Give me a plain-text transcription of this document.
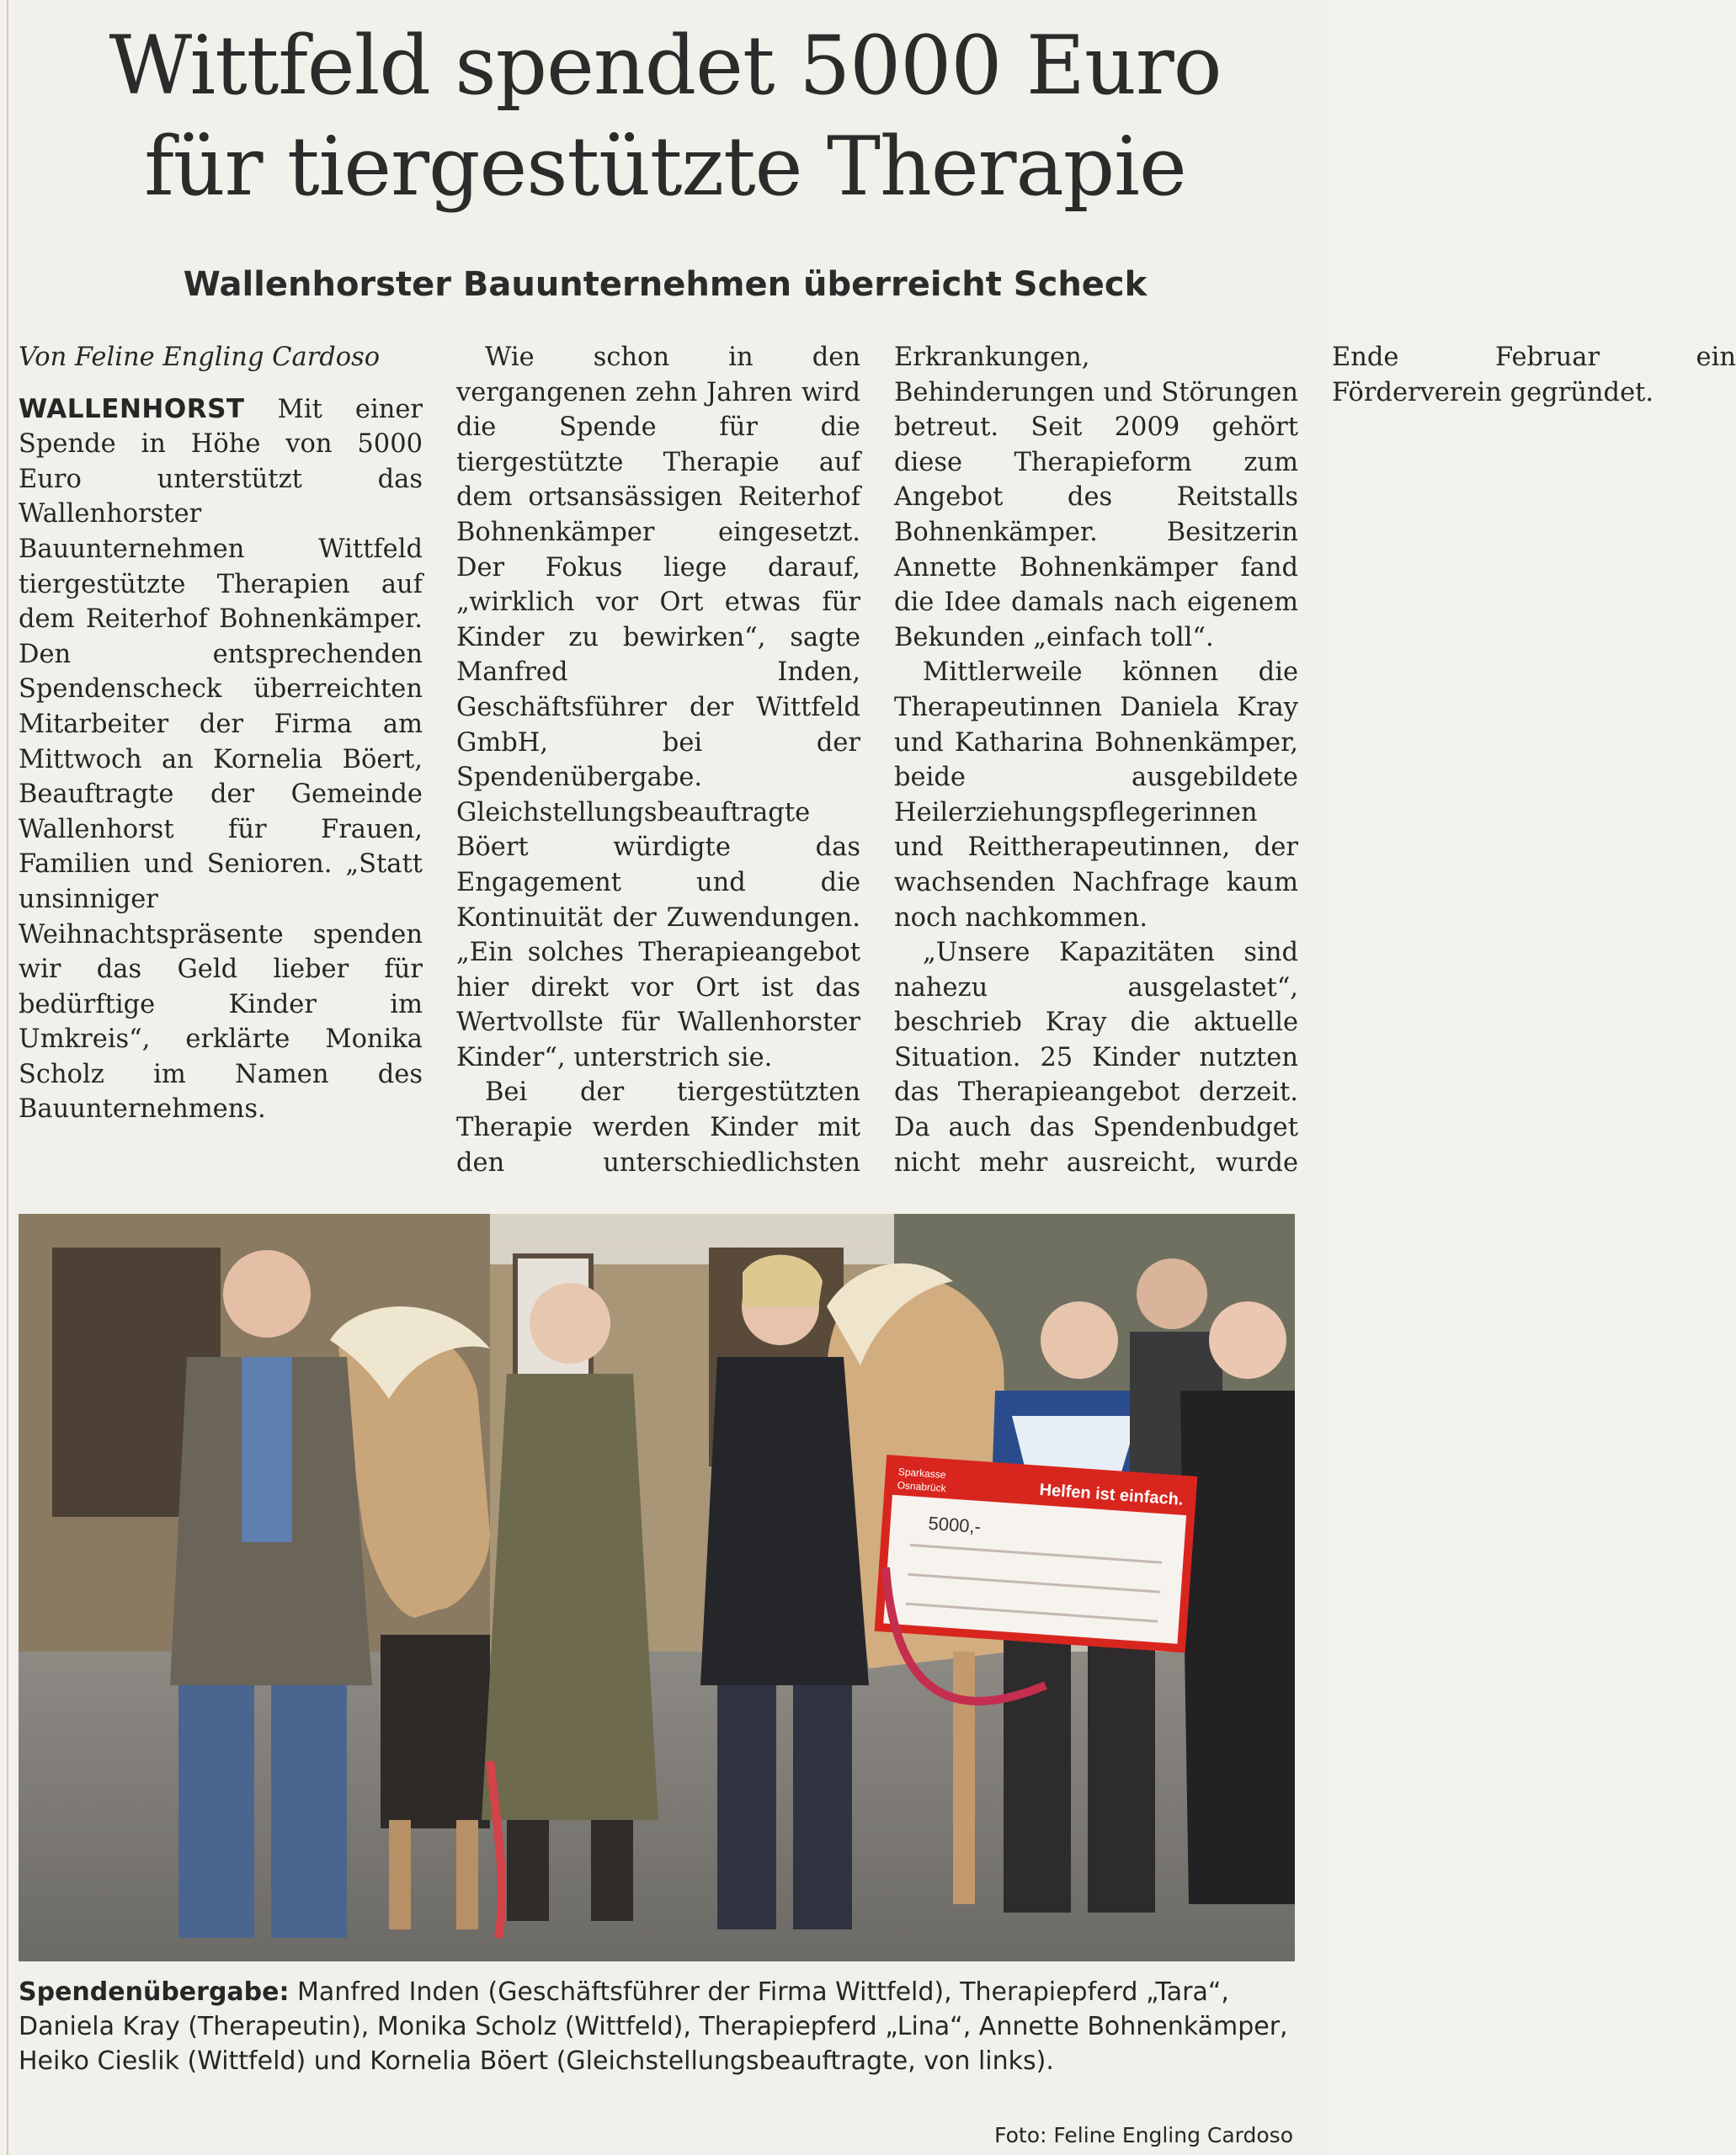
Wittfeld spendet 5000 Euro
für tiergestützte Therapie
Wallenhorster Bauunternehmen überreicht Scheck

Von Feline Engling Cardoso

WALLENHORST Mit einer Spende in Höhe von 5000 Euro unterstützt das Wallenhorster Bauunternehmen Wittfeld tiergestützte Therapien auf dem Reiterhof Bohnenkämper. Den entsprechenden Spendenscheck überreichten Mitarbeiter der Firma am Mittwoch an Kornelia Böert, Beauftragte der Gemeinde Wallenhorst für Frauen, Familien und Senioren. „Statt unsinniger Weihnachtspräsente spenden wir das Geld lieber für bedürftige Kinder im Umkreis“, erklärte Monika Scholz im Namen des Bauunternehmens.

Wie schon in den vergangenen zehn Jahren wird die Spende für die tiergestützte Therapie auf dem ortsansässigen Reiterhof Bohnenkämper eingesetzt. Der Fokus liege darauf, „wirklich vor Ort etwas für Kinder zu bewirken“, sagte Manfred Inden, Geschäftsführer der Wittfeld GmbH, bei der Spendenübergabe. Gleichstellungsbeauftragte Böert würdigte das Engagement und die Kontinuität der Zuwendungen. „Ein solches Therapieangebot hier direkt vor Ort ist das Wertvollste für Wallenhorster Kinder“, unterstrich sie.

Bei der tiergestützten Therapie werden Kinder mit den unterschiedlichsten Erkrankungen, Behinderungen und Störungen betreut. Seit 2009 gehört diese Therapieform zum Angebot des Reitstalls Bohnenkämper. Besitzerin Annette Bohnenkämper fand die Idee damals nach eigenem Bekunden „einfach toll“.

Mittlerweile können die Therapeutinnen Daniela Kray und Katharina Bohnenkämper, beide ausgebildete Heilerziehungspflegerinnen und Reittherapeutinnen, der wachsenden Nachfrage kaum noch nachkommen.

„Unsere Kapazitäten sind nahezu ausgelastet“, beschrieb Kray die aktuelle Situation. 25 Kinder nutzten das Therapieangebot derzeit. Da auch das Spendenbudget nicht mehr ausreicht, wurde Ende Februar ein Förderverein gegründet.

Sparkasse
Osnabrück	Helfen ist einfach.
5000,-

Spendenübergabe: Manfred Inden (Geschäftsführer der Firma Wittfeld), Therapiepferd „Tara“, Daniela Kray (Therapeutin), Monika Scholz (Wittfeld), Therapiepferd „Lina“, Annette Bohnenkämper, Heiko Cieslik (Wittfeld) und Kornelia Böert (Gleichstellungsbeauftragte, von links).

Foto: Feline Engling Cardoso
